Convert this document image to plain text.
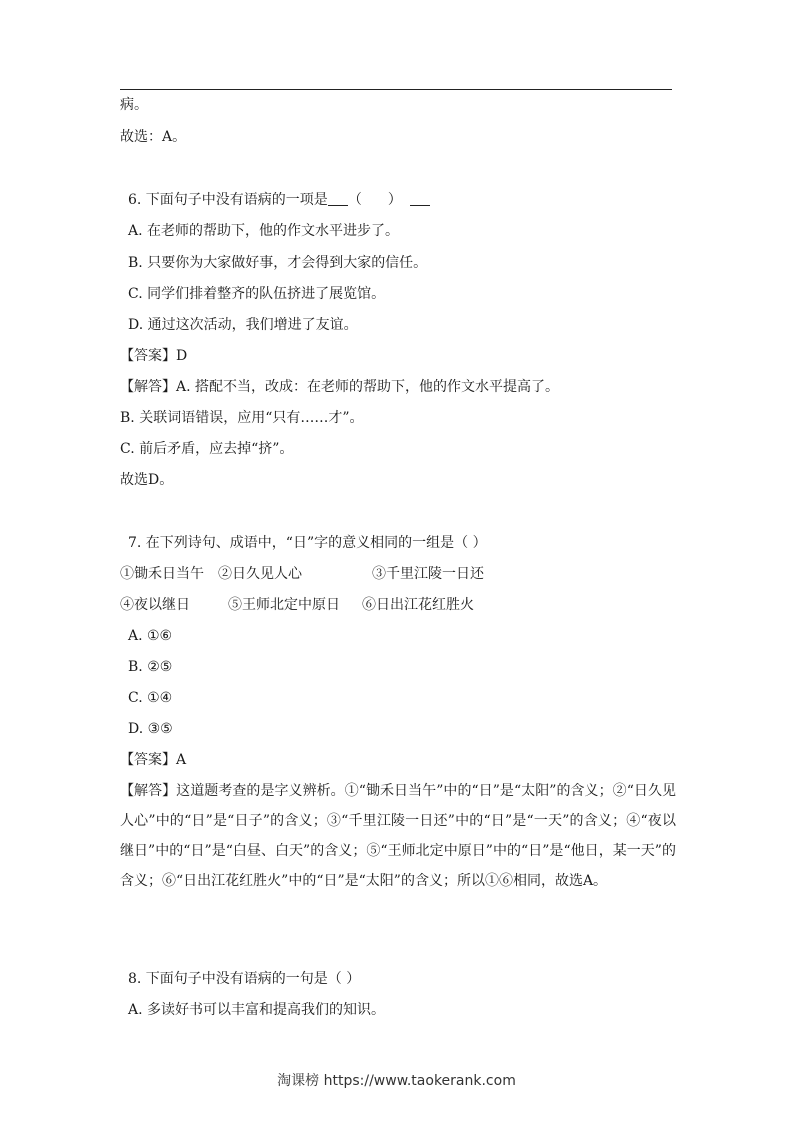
病。
故选：A。
6. 下面句子中没有语病的一项是 （ ）
A. 在老师的帮助下，他的作文水平进步了。
B. 只要你为大家做好事，才会得到大家的信任。
C. 同学们排着整齐的队伍挤进了展览馆。
D. 通过这次活动，我们增进了友谊。
【答案】D
【解答】A. 搭配不当，改成：在老师的帮助下，他的作文水平提高了。
B. 关联词语错误，应用“只有……才”。
C. 前后矛盾，应去掉“挤”。
故选D。
7. 在下列诗句、成语中，“日”字的意义相同的一组是（ ）
①锄禾日当午 ②日久见人心	③千里江陵一日还
④夜以继日	⑤王师北定中原日 ⑥日出江花红胜火
A. ①⑥
B. ②⑤
C. ①④
D. ③⑤
【答案】A
【解答】这道题考查的是字义辨析。①“锄禾日当午”中的“日”是“太阳”的含义；②“日久见人心”中的“日”是“日子”的含义；③“千里江陵一日还”中的“日”是“一天”的含义；④“夜以继日”中的“日”是“白昼、白天”的含义；⑤“王师北定中原日”中的“日”是“他日，某一天”的含义；⑥“日出江花红胜火”中的“日”是“太阳”的含义；所以①⑥相同，故选A。
8. 下面句子中没有语病的一句是（ ）
A. 多读好书可以丰富和提高我们的知识。
淘课榜 https://www.taokerank.com
